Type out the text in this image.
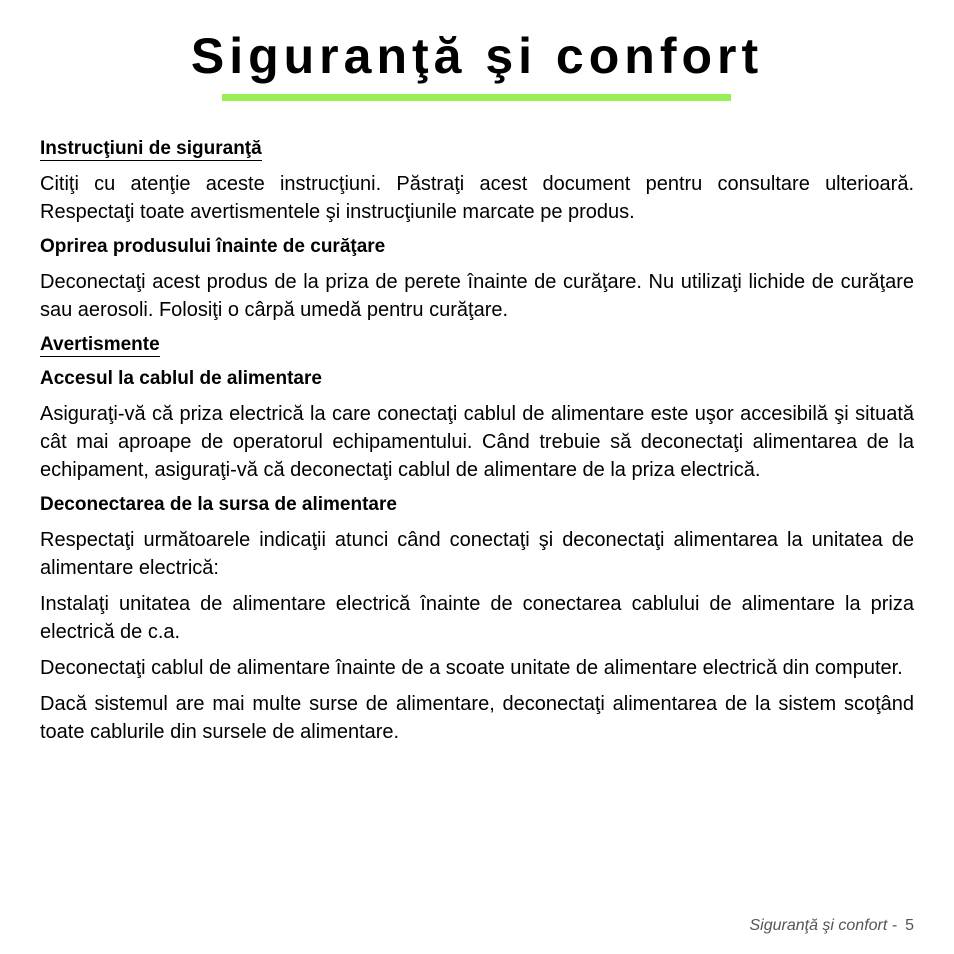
Siguranţă şi confort
Instrucţiuni de siguranţă

Citiţi cu atenţie aceste instrucţiuni. Păstraţi acest document pentru consultare ulterioară. Respectaţi toate avertismentele şi instrucţiunile marcate pe produs.

Oprirea produsului înainte de curăţare

Deconectaţi acest produs de la priza de perete înainte de curăţare. Nu utilizaţi lichide de curăţare sau aerosoli. Folosiţi o cârpă umedă pentru curăţare.

Avertismente
Accesul la cablul de alimentare

Asiguraţi-vă că priza electrică la care conectaţi cablul de alimentare este uşor accesibilă şi situată cât mai aproape de operatorul echipamentului. Când trebuie să deconectaţi alimentarea de la echipament, asiguraţi-vă că deconectaţi cablul de alimentare de la priza electrică.

Deconectarea de la sursa de alimentare

Respectaţi următoarele indicaţii atunci când conectaţi şi deconectaţi alimentarea la unitatea de alimentare electrică:

Instalaţi unitatea de alimentare electrică înainte de conectarea cablului de alimentare la priza electrică de c.a.

Deconectaţi cablul de alimentare înainte de a scoate unitate de alimentare electrică din computer.

Dacă sistemul are mai multe surse de alimentare, deconectaţi alimentarea de la sistem scoţând toate cablurile din sursele de alimentare.

Siguranţă şi confort - 5
